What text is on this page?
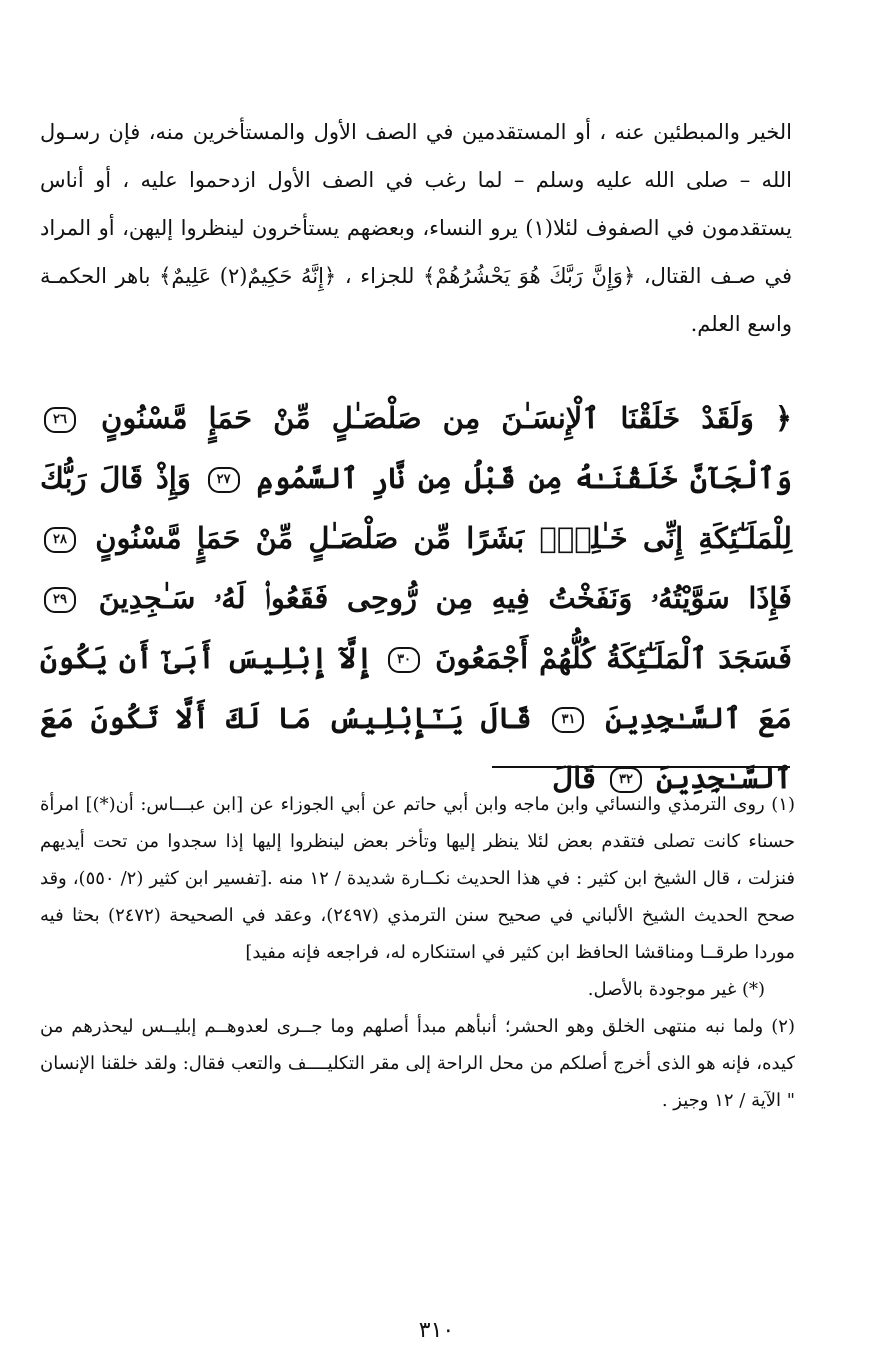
الخير والمبطئين عنه ، أو المستقدمين في الصف الأول والمستأخرين منه، فإن رسـول الله – صلى الله عليه وسلم – لما رغب في الصف الأول ازدحموا عليه ، أو أناس يستقدمون في الصفوف لئلا(١) يرو النساء، وبعضهم يستأخرون لينظروا إليهن، أو المراد في صـف القتال، ﴿وَإِنَّ رَبَّكَ هُوَ يَحْشُرُهُمْ﴾ للجزاء ، ﴿إِنَّهُ حَكِيمٌ(٢) عَلِيمٌ﴾ باهر الحكمـة واسع العلم.

﴿ وَلَقَدْ خَلَقْنَا ٱلْإِنسَـٰنَ مِن صَلْصَـٰلٍ مِّنْ حَمَإٍ مَّسْنُونٍ ٢٦ وَٱلْجَآنَّ خَلَقْنَـٰهُ مِن قَبْلُ مِن نَّارِ ٱلسَّمُومِ ٢٧ وَإِذْ قَالَ رَبُّكَ لِلْمَلَـٰٓئِكَةِ إِنِّى خَـٰلِقٌۢ بَشَرًا مِّن صَلْصَـٰلٍ مِّنْ حَمَإٍ مَّسْنُونٍ ٢٨ فَإِذَا سَوَّيْتُهُۥ وَنَفَخْتُ فِيهِ مِن رُّوحِى فَقَعُوا۟ لَهُۥ سَـٰجِدِينَ ٢٩ فَسَجَدَ ٱلْمَلَـٰٓئِكَةُ كُلُّهُمْ أَجْمَعُونَ ٣٠ إِلَّآ إِبْلِيسَ أَبَىٰٓ أَن يَكُونَ مَعَ ٱلسَّـٰجِدِينَ ٣١ قَالَ يَـٰٓإِبْلِيسُ مَا لَكَ أَلَّا تَكُونَ مَعَ ٱلسَّـٰجِدِينَ ٣٢ قَالَ

(١) روى الترمذي والنسائي وابن ماجه وابن أبي حاتم عن أبي الجوزاء عن [ابن عبـــاس: أن(*)] امرأة حسناء كانت تصلى فتقدم بعض لئلا ينظر إليها وتأخر بعض لينظروا إليها إذا سجدوا من تحت أيديهم فنزلت ، قال الشيخ ابن كثير : في هذا الحديث نكــارة شديدة / ١٢ منه .[تفسير ابن كثير (٢/ ٥٥٠)، وقد صحح الحديث الشيخ الألباني في صحيح سنن الترمذي (٢٤٩٧)، وعقد في الصحيحة (٢٤٧٢) بحثا فيه موردا طرقــا ومناقشا الحافظ ابن كثير في استنكاره له، فراجعه فإنه مفيد]

(*) غير موجودة بالأصل.

(٢) ولما نبه منتهى الخلق وهو الحشر؛ أنبأهم مبدأ أصلهم وما جــرى لعدوهــم إبليــس ليحذرهم من كيده، فإنه هو الذى أخرج أصلكم من محل الراحة إلى مقر التكليــــف والتعب فقال: ولقد خلقنا الإنسان " الآية / ١٢ وجيز .

٣١٠
